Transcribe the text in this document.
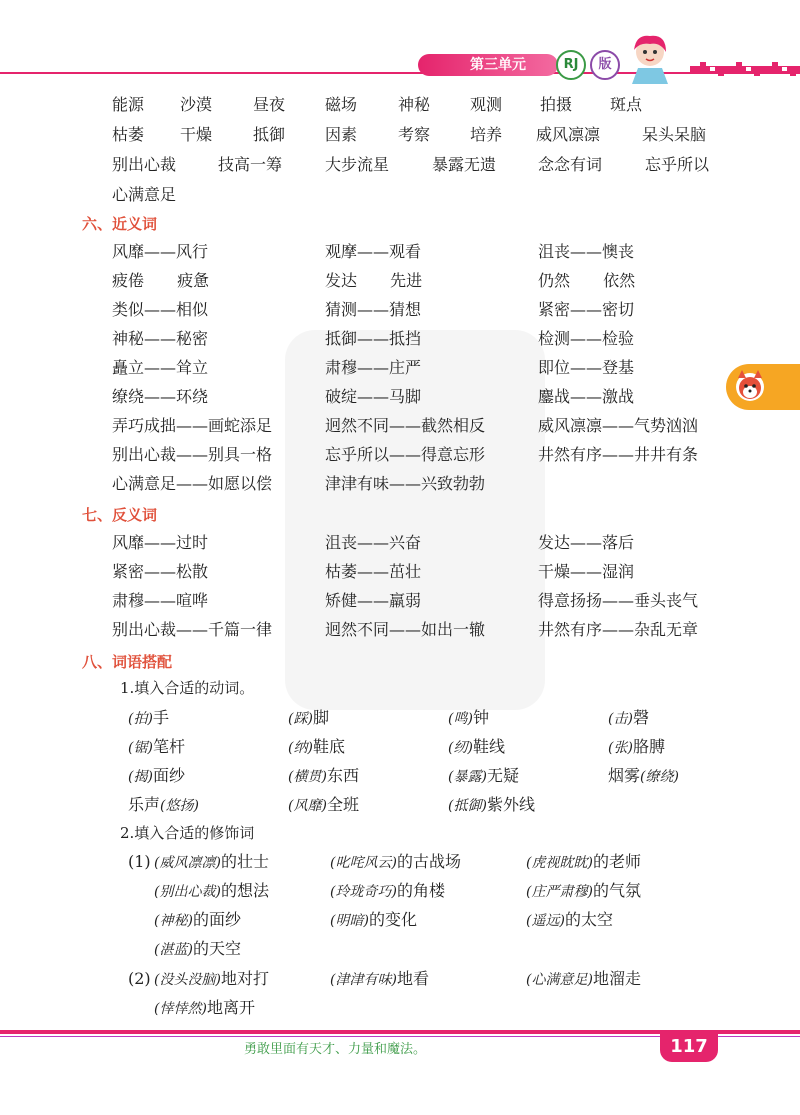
第三单元	RJ	版
能源 沙漠	昼夜 磁场	神秘 观测 拍摄 斑点
枯萎 干燥	抵御 因素	考察 培养 威风凛凛	呆头呆脑
别出心裁	技高一筹	大步流星	暴露无遗	念念有词	忘乎所以
心满意足
六、近义词
风靡——风行	观摩——观看	沮丧——懊丧
疲倦 疲惫	发达 先进	仍然 依然
类似——相似	猜测——猜想	紧密——密切
神秘——秘密	抵御——抵挡	检测——检验
矗立——耸立	肃穆——庄严	即位——登基
缭绕——环绕	破绽——马脚	鏖战——激战
弄巧成拙——画蛇添足	迥然不同——截然相反	威风凛凛——气势汹汹
别出心裁——别具一格	忘乎所以——得意忘形	井然有序——井井有条
心满意足——如愿以偿	津津有味——兴致勃勃
七、反义词
风靡——过时	沮丧——兴奋	发达——落后
紧密——松散	枯萎——茁壮	干燥——湿润
肃穆——喧哗	矫健——羸弱	得意扬扬——垂头丧气
别出心裁——千篇一律	迥然不同——如出一辙	井然有序——杂乱无章
八、词语搭配
1.填入合适的动词。
(拍)手	(踩)脚	(鸣)钟	(击)磬
(锯)笔杆	(纳)鞋底	(纫)鞋线	(张)胳膊
(揭)面纱	(横贯)东西	(暴露)无疑	烟雾(缭绕)
乐声(悠扬)	(风靡)全班	(抵御)紫外线
2.填入合适的修饰词
(1) (威风凛凛)的壮士	(叱咤风云)的古战场	(虎视眈眈)的老师
(别出心裁)的想法	(玲珑奇巧)的角楼	(庄严肃穆)的气氛
(神秘)的面纱	(明暗)的变化	(遥远)的太空
(湛蓝)的天空
(2) (没头没脑)地对打	(津津有味)地看	(心满意足)地溜走
(悻悻然)地离开
勇敢里面有天才、力量和魔法。	117
